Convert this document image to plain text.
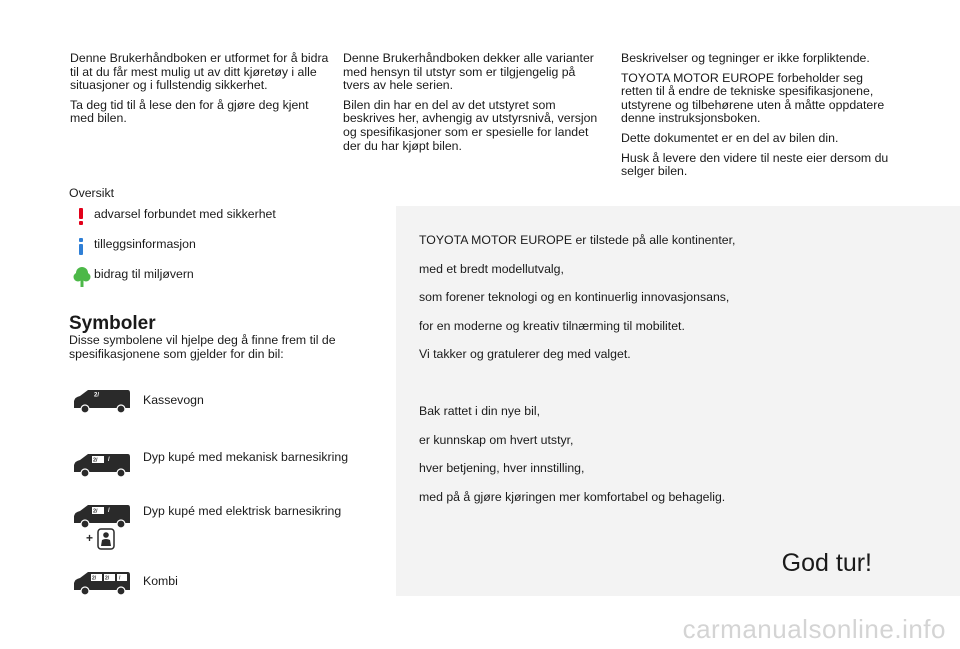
Denne Brukerhåndboken er utformet for å bidra til at du får mest mulig ut av ditt kjøretøy i alle situasjoner og i fullstendig sikkerhet.

Ta deg tid til å lese den for å gjøre deg kjent med bilen.

Denne Brukerhåndboken dekker alle varianter med hensyn til utstyr som er tilgjengelig på tvers av hele serien.

Bilen din har en del av det utstyret som beskrives her, avhengig av utstyrsnivå, versjon og spesifikasjoner som er spesielle for landet der du har kjøpt bilen.

Beskrivelser og tegninger er ikke forpliktende.

TOYOTA MOTOR EUROPE forbeholder seg retten til å endre de tekniske spesifikasjonene, utstyrene og tilbehørene uten å måtte oppdatere denne instruksjonsboken.

Dette dokumentet er en del av bilen din.

Husk å levere den videre til neste eier dersom du selger bilen.

Oversikt
advarsel forbundet med sikkerhet
tilleggsinformasjon
bidrag til miljøvern
Symboler
Disse symbolene vil hjelpe deg å finne frem til de spesifikasjonene som gjelder for din bil:
2/	Kassevogn
2/ /	Dyp kupé med mekanisk barnesikring
2/ /
+
Dyp kupé med elektrisk barnesikring
2/ 2/ / Kombi
TOYOTA MOTOR EUROPE er tilstede på alle kontinenter,
med et bredt modellutvalg,
som forener teknologi og en kontinuerlig innovasjonsans,
for en moderne og kreativ tilnærming til mobilitet.
Vi takker og gratulerer deg med valget.
Bak rattet i din nye bil,
er kunnskap om hvert utstyr,
hver betjening, hver innstilling,
med på å gjøre kjøringen mer komfortabel og behagelig.
God tur!
carmanualsonline.info
